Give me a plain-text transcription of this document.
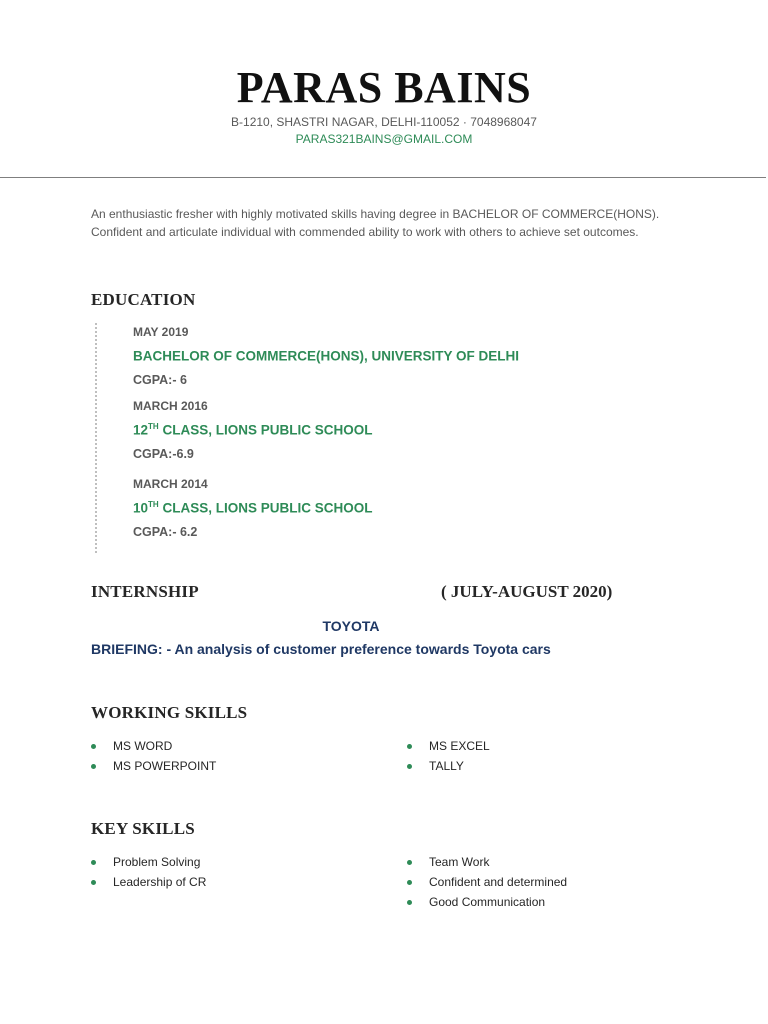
PARAS BAINS
B-1210, SHASTRI NAGAR, DELHI-110052 · 7048968047
PARAS321BAINS@GMAIL.COM
An enthusiastic fresher with highly motivated skills having degree in BACHELOR OF COMMERCE(HONS). Confident and articulate individual with commended ability to work with others to achieve set outcomes.
EDUCATION
MAY 2019
BACHELOR OF COMMERCE(HONS), UNIVERSITY OF DELHI
CGPA:- 6
MARCH 2016
12TH CLASS, LIONS PUBLIC SCHOOL
CGPA:-6.9
MARCH 2014
10TH CLASS, LIONS PUBLIC SCHOOL
CGPA:- 6.2
INTERNSHIP	( JULY-AUGUST 2020)
TOYOTA
BRIEFING: - An analysis of customer preference towards Toyota cars
WORKING SKILLS
MS WORD
MS POWERPOINT
MS EXCEL
TALLY
KEY SKILLS
Problem Solving
Leadership of CR
Team Work
Confident and determined
Good Communication
